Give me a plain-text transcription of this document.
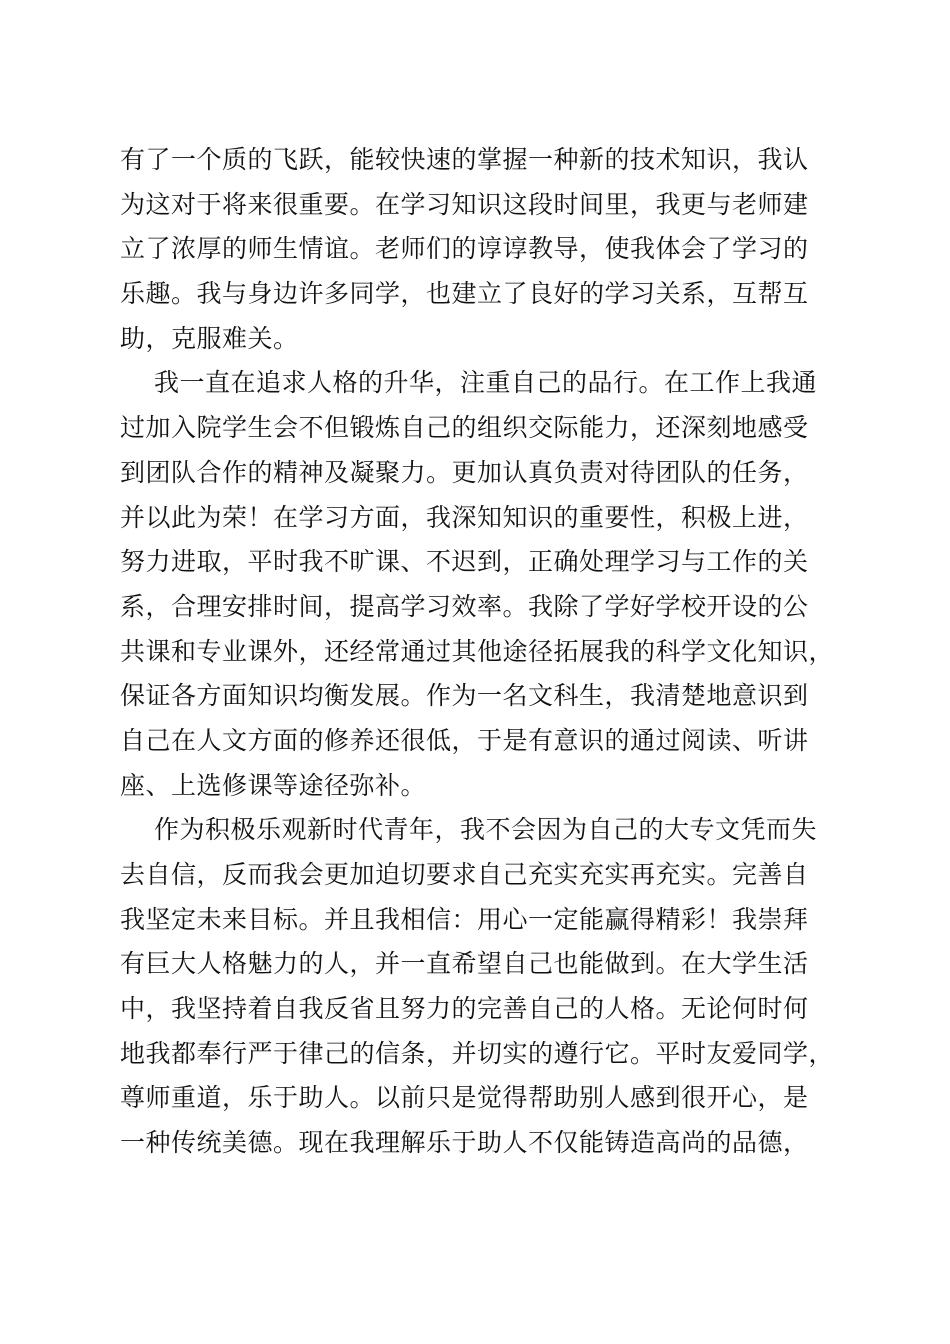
有了一个质的飞跃，能较快速的掌握一种新的技术知识，我认
为这对于将来很重要。在学习知识这段时间里，我更与老师建
立了浓厚的师生情谊。老师们的谆谆教导，使我体会了学习的
乐趣。我与身边许多同学，也建立了良好的学习关系，互帮互
助，克服难关。
我一直在追求人格的升华，注重自己的品行。在工作上我通
过加入院学生会不但锻炼自己的组织交际能力，还深刻地感受
到团队合作的精神及凝聚力。更加认真负责对待团队的任务，
并以此为荣！在学习方面，我深知知识的重要性，积极上进，
努力进取，平时我不旷课、不迟到，正确处理学习与工作的关
系，合理安排时间，提高学习效率。我除了学好学校开设的公
共课和专业课外，还经常通过其他途径拓展我的科学文化知识，
保证各方面知识均衡发展。作为一名文科生，我清楚地意识到
自己在人文方面的修养还很低，于是有意识的通过阅读、听讲
座、上选修课等途径弥补。
作为积极乐观新时代青年，我不会因为自己的大专文凭而失
去自信，反而我会更加迫切要求自己充实充实再充实。完善自
我坚定未来目标。并且我相信：用心一定能赢得精彩！我崇拜
有巨大人格魅力的人，并一直希望自己也能做到。在大学生活
中，我坚持着自我反省且努力的完善自己的人格。无论何时何
地我都奉行严于律己的信条，并切实的遵行它。平时友爱同学，
尊师重道，乐于助人。以前只是觉得帮助别人感到很开心，是
一种传统美德。现在我理解乐于助人不仅能铸造高尚的品德，
